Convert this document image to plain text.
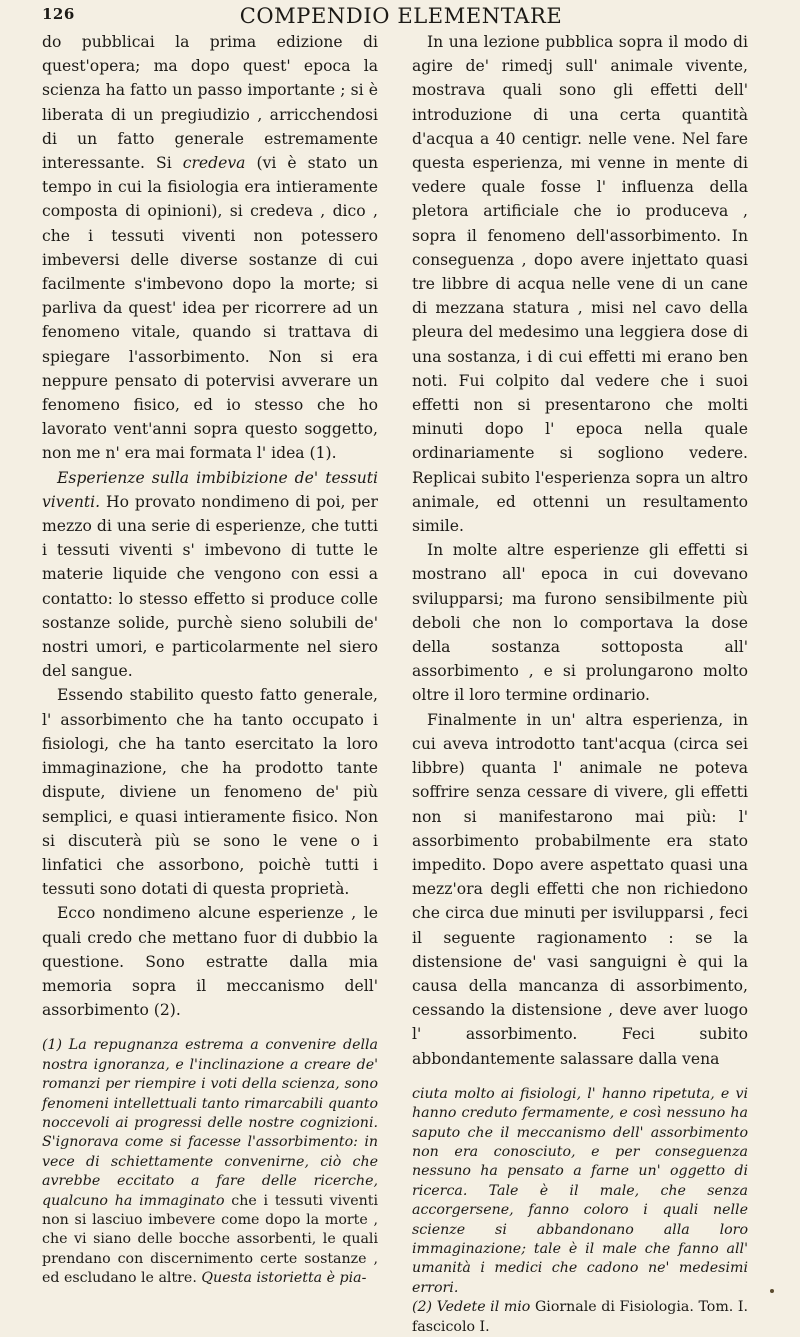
126	COMPENDIO ELEMENTARE

do pubblicai la prima edizione di quest'opera; ma dopo quest' epoca la scienza ha fatto un passo importante ; si è liberata di un pregiudizio , arricchendosi di un fatto generale estremamente interessante. Si credeva (vi è stato un tempo in cui la fisiologia era intieramente composta di opinioni), si credeva , dico , che i tessuti viventi non potessero imbeversi delle diverse sostanze di cui facilmente s'imbevono dopo la morte; si parliva da quest' idea per ricorrere ad un fenomeno vitale, quando si trattava di spiegare l'assorbimento. Non si era neppure pensato di potervisi avverare un fenomeno fisico, ed io stesso che ho lavorato vent'anni sopra questo soggetto, non me n' era mai formata l' idea (1).

Esperienze sulla imbibizione de' tessuti viventi. Ho provato nondimeno di poi, per mezzo di una serie di esperienze, che tutti i tessuti viventi s' imbevono di tutte le materie liquide che vengono con essi a contatto: lo stesso effetto si produce colle sostanze solide, purchè sieno solubili de' nostri umori, e particolarmente nel siero del sangue.

Essendo stabilito questo fatto generale, l' assorbimento che ha tanto occupato i fisiologi, che ha tanto esercitato la loro immaginazione, che ha prodotto tante dispute, diviene un fenomeno de' più semplici, e quasi intieramente fisico. Non si discuterà più se sono le vene o i linfatici che assorbono, poichè tutti i tessuti sono dotati di questa proprietà.

Ecco nondimeno alcune esperienze , le quali credo che mettano fuor di dubbio la questione. Sono estratte dalla mia memoria sopra il meccanismo dell' assorbimento (2).

(1) La repugnanza estrema a convenire della nostra ignoranza, e l'inclinazione a creare de' romanzi per riempire i voti della scienza, sono fenomeni intellettuali tanto rimarcabili quanto noccevoli ai progressi delle nostre cognizioni. S'ignorava come si facesse l'assorbimento: in vece di schiettamente convenirne, ciò che avrebbe eccitato a fare delle ricerche, qualcuno ha immaginato che i tessuti viventi non si lasciuo imbevere come dopo la morte , che vi siano delle bocche assorbenti, le quali prendano con discernimento certe sostanze , ed escludano le altre. Questa istorietta è pia-

In una lezione pubblica sopra il modo di agire de' rimedj sull' animale vivente, mostrava quali sono gli effetti dell' introduzione di una certa quantità d'acqua a 40 centigr. nelle vene. Nel fare questa esperienza, mi venne in mente di vedere quale fosse l' influenza della pletora artificiale che io produceva , sopra il fenomeno dell'assorbimento. In conseguenza , dopo avere injettato quasi tre libbre di acqua nelle vene di un cane di mezzana statura , misi nel cavo della pleura del medesimo una leggiera dose di una sostanza, i di cui effetti mi erano ben noti. Fui colpito dal vedere che i suoi effetti non si presentarono che molti minuti dopo l' epoca nella quale ordinariamente si sogliono vedere. Replicai subito l'esperienza sopra un altro animale, ed ottenni un resultamento simile.

In molte altre esperienze gli effetti si mostrano all' epoca in cui dovevano svilupparsi; ma furono sensibilmente più deboli che non lo comportava la dose della sostanza sottoposta all' assorbimento , e si prolungarono molto oltre il loro termine ordinario.

Finalmente in un' altra esperienza, in cui aveva introdotto tant'acqua (circa sei libbre) quanta l' animale ne poteva soffrire senza cessare di vivere, gli effetti non si manifestarono mai più: l' assorbimento probabilmente era stato impedito. Dopo avere aspettato quasi una mezz'ora degli effetti che non richiedono che circa due minuti per isvilupparsi , feci il seguente ragionamento : se la distensione de' vasi sanguigni è qui la causa della mancanza di assorbimento, cessando la distensione , deve aver luogo l' assorbimento. Feci subito abbondantemente salassare dalla vena

ciuta molto ai fisiologi, l' hanno ripetuta, e vi hanno creduto fermamente, e così nessuno ha saputo che il meccanismo dell' assorbimento non era conosciuto, e per conseguenza nessuno ha pensato a farne un' oggetto di ricerca. Tale è il male, che senza accorgersene, fanno coloro i quali nelle scienze si abbandonano alla loro immaginazione; tale è il male che fanno all' umanità i medici che cadono ne' medesimi errori.

(2) Vedete il mio Giornale di Fisiologia. Tom. I. fascicolo I.
